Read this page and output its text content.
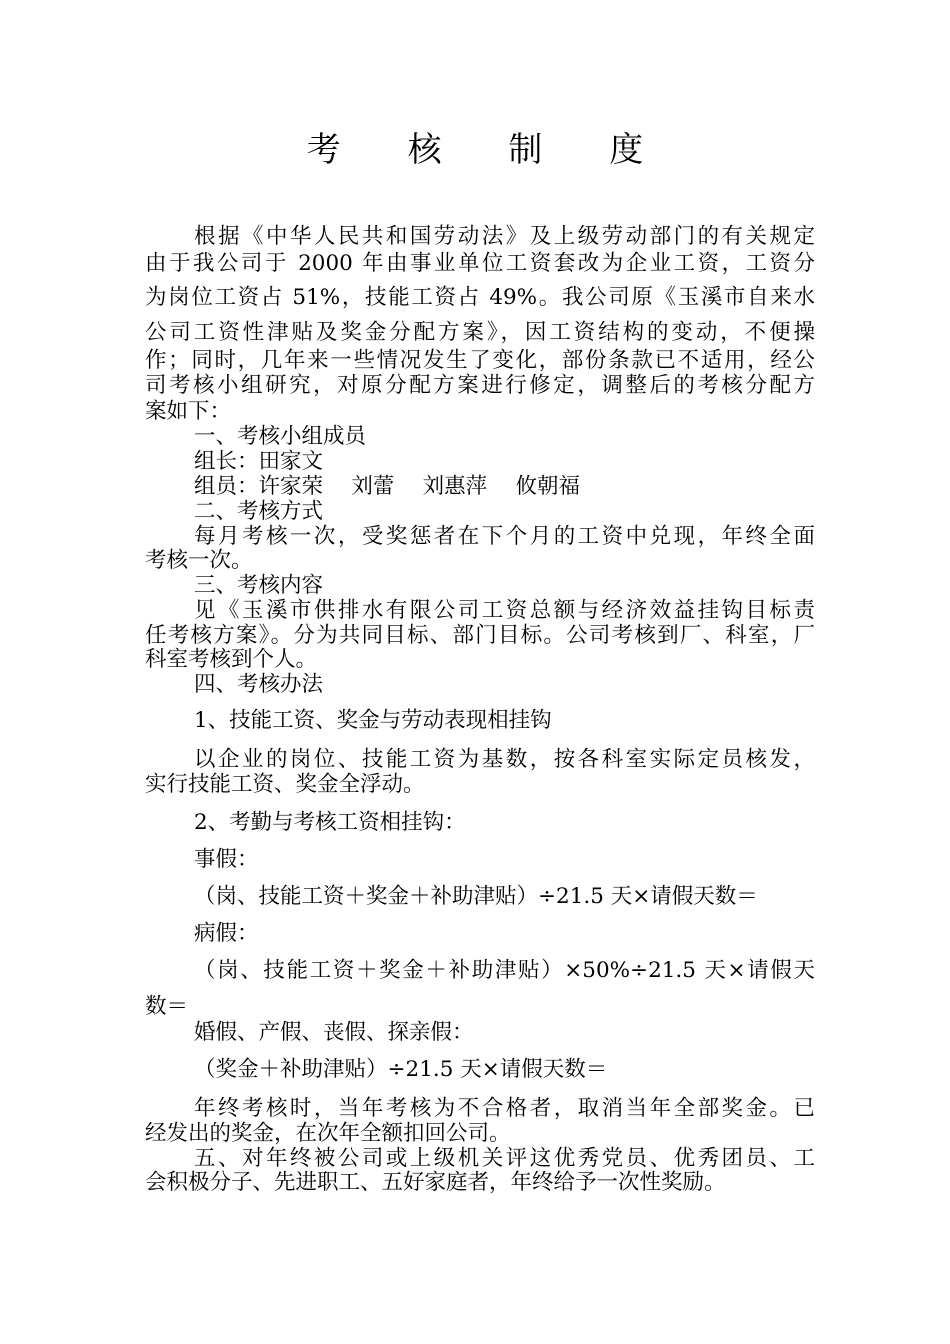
考 核 制 度
根据《中华人民共和国劳动法》及上级劳动部门的有关规定
由于我公司于 2000 年由事业单位工资套改为企业工资，工资分
为岗位工资占 51%，技能工资占 49%。我公司原《玉溪市自来水
公司工资性津贴及奖金分配方案》，因工资结构的变动，不便操
作；同时，几年来一些情况发生了变化，部份条款已不适用，经公
司考核小组研究，对原分配方案进行修定，调整后的考核分配方
案如下：
一、考核小组成员
组长：田家文
组员：许家荣　 刘蕾　 刘惠萍　 攸朝福
二、考核方式
每月考核一次，受奖惩者在下个月的工资中兑现，年终全面
考核一次。
三、考核内容
见《玉溪市供排水有限公司工资总额与经济效益挂钩目标责
任考核方案》。分为共同目标、部门目标。公司考核到厂、科室，厂
科室考核到个人。
四、考核办法
1、技能工资、奖金与劳动表现相挂钩
以企业的岗位、技能工资为基数，按各科室实际定员核发，
实行技能工资、奖金全浮动。
2、考勤与考核工资相挂钩：
事假：
（岗、技能工资＋奖金＋补助津贴）÷21.5 天×请假天数＝
病假：
（岗、技能工资＋奖金＋补助津贴）×50%÷21.5 天×请假天
数＝
婚假、产假、丧假、探亲假：
（奖金＋补助津贴）÷21.5 天×请假天数＝
年终考核时，当年考核为不合格者，取消当年全部奖金。已
经发出的奖金，在次年全额扣回公司。
五、对年终被公司或上级机关评这优秀党员、优秀团员、工
会积极分子、先进职工、五好家庭者，年终给予一次性奖励。
